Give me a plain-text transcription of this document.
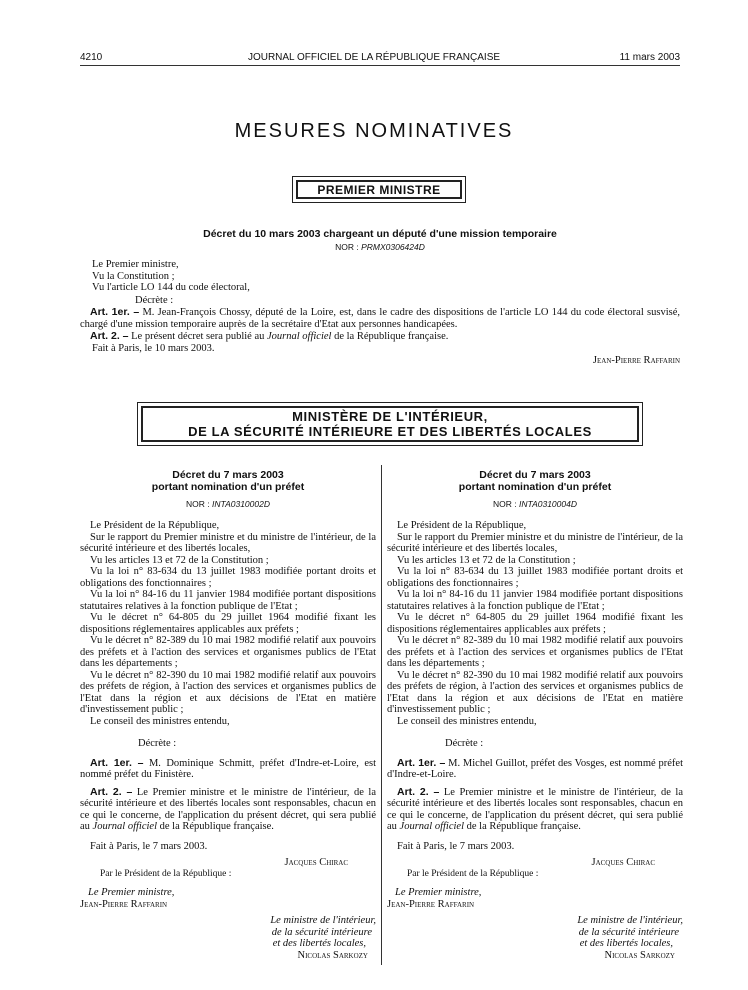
4210	JOURNAL OFFICIEL DE LA RÉPUBLIQUE FRANÇAISE	11 mars 2003
MESURES NOMINATIVES
PREMIER MINISTRE
Décret du 10 mars 2003 chargeant un député d'une mission temporaire
NOR : PRMX0306424D
Le Premier ministre,
Vu la Constitution ;
Vu l'article LO 144 du code électoral,
Décrète :
Art. 1er. – M. Jean-François Chossy, député de la Loire, est, dans le cadre des dispositions de l'article LO 144 du code électoral susvisé, chargé d'une mission temporaire auprès de la secrétaire d'Etat aux personnes handicapées.
Art. 2. – Le présent décret sera publié au Journal officiel de la République française.
Fait à Paris, le 10 mars 2003.
Jean-Pierre Raffarin
MINISTÈRE DE L'INTÉRIEUR,
DE LA SÉCURITÉ INTÉRIEURE ET DES LIBERTÉS LOCALES
Décret du 7 mars 2003
portant nomination d'un préfet
NOR : INTA0310002D
Le Président de la République,
Sur le rapport du Premier ministre et du ministre de l'intérieur, de la sécurité intérieure et des libertés locales,
Vu les articles 13 et 72 de la Constitution ;
Vu la loi n° 83-634 du 13 juillet 1983 modifiée portant droits et obligations des fonctionnaires ;
Vu la loi n° 84-16 du 11 janvier 1984 modifiée portant dispositions statutaires relatives à la fonction publique de l'Etat ;
Vu le décret n° 64-805 du 29 juillet 1964 modifié fixant les dispositions réglementaires applicables aux préfets ;
Vu le décret n° 82-389 du 10 mai 1982 modifié relatif aux pouvoirs des préfets et à l'action des services et organismes publics de l'Etat dans les départements ;
Vu le décret n° 82-390 du 10 mai 1982 modifié relatif aux pouvoirs des préfets de région, à l'action des services et organismes publics de l'Etat dans la région et aux décisions de l'Etat en matière d'investissement public ;
Le conseil des ministres entendu,
Décrète :
Art. 1er. – M. Dominique Schmitt, préfet d'Indre-et-Loire, est nommé préfet du Finistère.
Art. 2. – Le Premier ministre et le ministre de l'intérieur, de la sécurité intérieure et des libertés locales sont responsables, chacun en ce qui le concerne, de l'application du présent décret, qui sera publié au Journal officiel de la République française.
Fait à Paris, le 7 mars 2003.
Jacques Chirac
Par le Président de la République :
Le Premier ministre,
Jean-Pierre Raffarin
Le ministre de l'intérieur,
de la sécurité intérieure
et des libertés locales,
Nicolas Sarkozy
Décret du 7 mars 2003
portant nomination d'un préfet
NOR : INTA0310004D
Le Président de la République,
Sur le rapport du Premier ministre et du ministre de l'intérieur, de la sécurité intérieure et des libertés locales,
Vu les articles 13 et 72 de la Constitution ;
Vu la loi n° 83-634 du 13 juillet 1983 modifiée portant droits et obligations des fonctionnaires ;
Vu la loi n° 84-16 du 11 janvier 1984 modifiée portant dispositions statutaires relatives à la fonction publique de l'Etat ;
Vu le décret n° 64-805 du 29 juillet 1964 modifié fixant les dispositions réglementaires applicables aux préfets ;
Vu le décret n° 82-389 du 10 mai 1982 modifié relatif aux pouvoirs des préfets et à l'action des services et organismes publics de l'Etat dans les départements ;
Vu le décret n° 82-390 du 10 mai 1982 modifié relatif aux pouvoirs des préfets de région, à l'action des services et organismes publics de l'Etat dans la région et aux décisions de l'Etat en matière d'investissement public ;
Le conseil des ministres entendu,
Décrète :
Art. 1er. – M. Michel Guillot, préfet des Vosges, est nommé préfet d'Indre-et-Loire.
Art. 2. – Le Premier ministre et le ministre de l'intérieur, de la sécurité intérieure et des libertés locales sont responsables, chacun en ce qui le concerne, de l'application du présent décret, qui sera publié au Journal officiel de la République française.
Fait à Paris, le 7 mars 2003.
Jacques Chirac
Par le Président de la République :
Le Premier ministre,
Jean-Pierre Raffarin
Le ministre de l'intérieur,
de la sécurité intérieure
et des libertés locales,
Nicolas Sarkozy
